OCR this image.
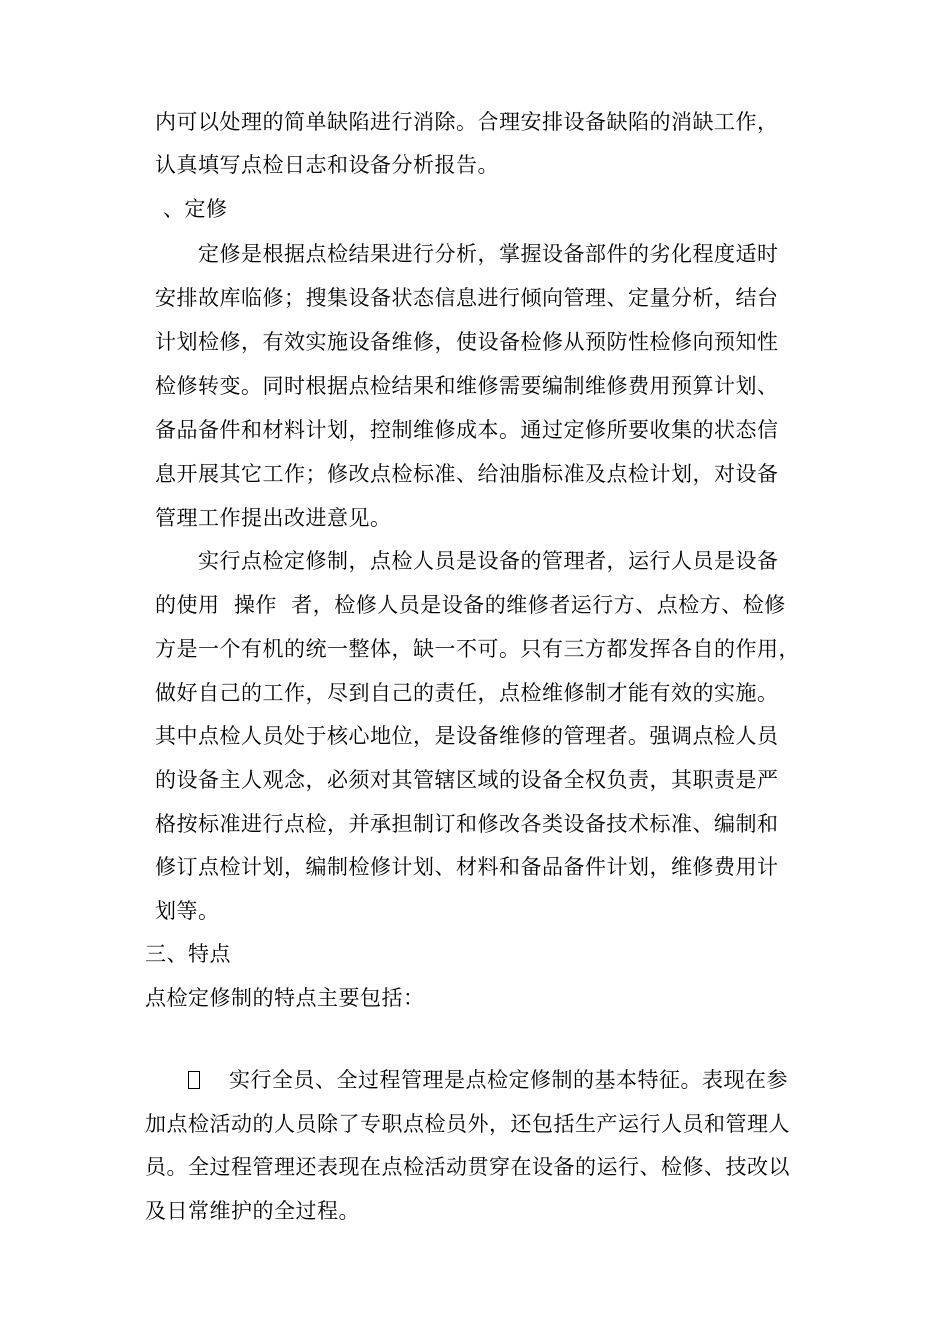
内可以处理的简单缺陷进行消除。合理安排设备缺陷的消缺工作，
认真填写点检日志和设备分析报告。
、定修
定修是根据点检结果进行分析，掌握设备部件的劣化程度适时
安排故库临修；搜集设备状态信息进行倾向管理、定量分析，结台
计划检修，有效实施设备维修，使设备检修从预防性检修向预知性
检修转变。同时根据点检结果和维修需要编制维修费用预算计划、
备品备件和材料计划，控制维修成本。通过定修所要收集的状态信
息开展其它工作；修改点检标准、给油脂标准及点检计划，对设备
管理工作提出改进意见。
实行点检定修制，点检人员是设备的管理者，运行人员是设备
的使用  操作  者，检修人员是设备的维修者运行方、点检方、检修
方是一个有机的统一整体，缺一不可。只有三方都发挥各自的作用，
做好自己的工作，尽到自己的责任，点检维修制才能有效的实施。
其中点检人员处于核心地位，是设备维修的管理者。强调点检人员
的设备主人观念，必须对其管辖区域的设备全权负责，其职责是严
格按标准进行点检，并承担制订和修改各类设备技术标准、编制和
修订点检计划，编制检修计划、材料和备品备件计划，维修费用计
划等。
三、特点
点检定修制的特点主要包括：
实行全员、全过程管理是点检定修制的基本特征。表现在参
加点检活动的人员除了专职点检员外，还包括生产运行人员和管理人
员。全过程管理还表现在点检活动贯穿在设备的运行、检修、技改以
及日常维护的全过程。
